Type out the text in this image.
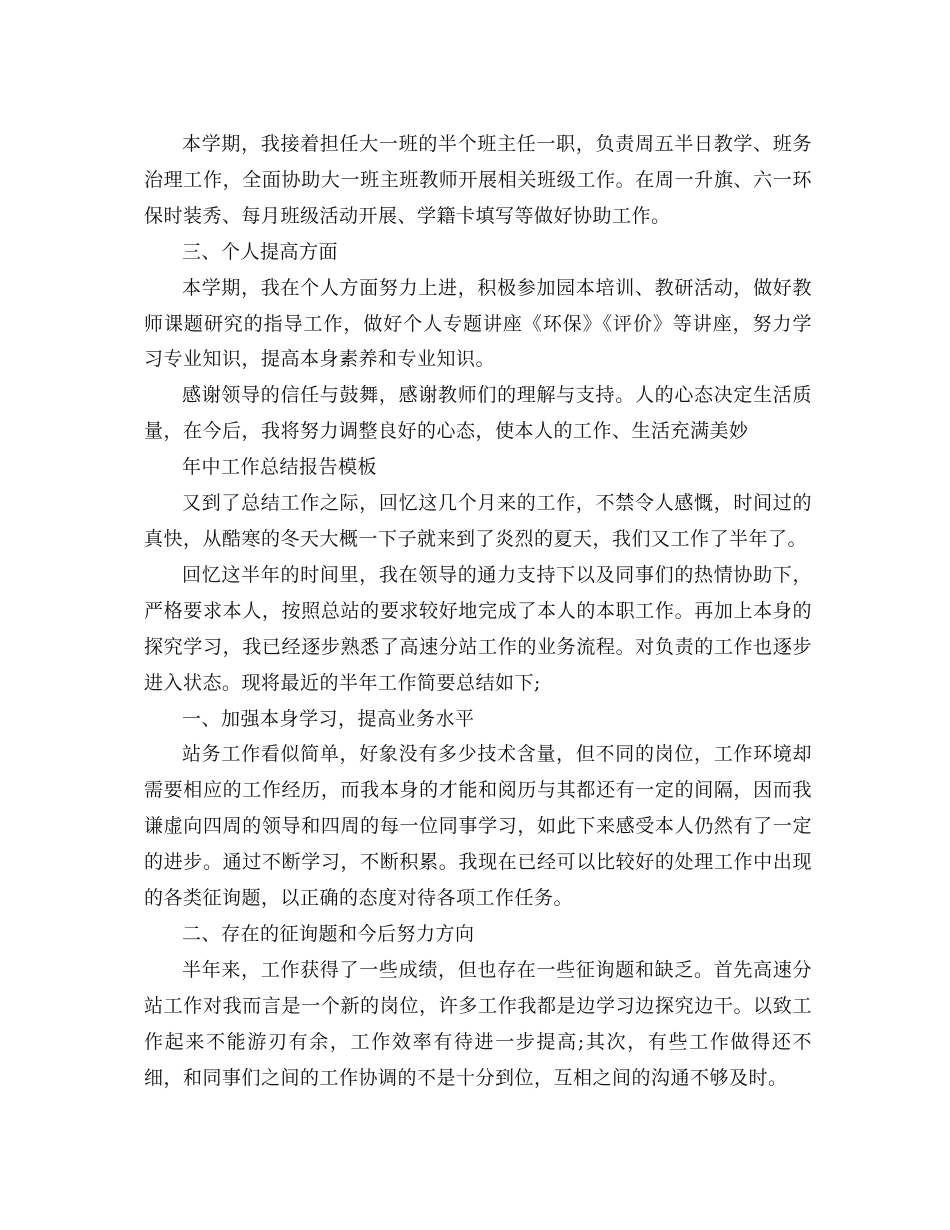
本学期，我接着担任大一班的半个班主任一职，负责周五半日教学、班务治理工作，全面协助大一班主班教师开展相关班级工作。在周一升旗、六一环保时装秀、每月班级活动开展、学籍卡填写等做好协助工作。

三、个人提高方面

本学期，我在个人方面努力上进，积极参加园本培训、教研活动，做好教师课题研究的指导工作，做好个人专题讲座《环保》《评价》等讲座，努力学习专业知识，提高本身素养和专业知识。

感谢领导的信任与鼓舞，感谢教师们的理解与支持。人的心态决定生活质量，在今后，我将努力调整良好的心态，使本人的工作、生活充满美妙

年中工作总结报告模板

又到了总结工作之际，回忆这几个月来的工作，不禁令人感慨，时间过的真快，从酷寒的冬天大概一下子就来到了炎烈的夏天，我们又工作了半年了。

回忆这半年的时间里，我在领导的通力支持下以及同事们的热情协助下，严格要求本人，按照总站的要求较好地完成了本人的本职工作。再加上本身的探究学习，我已经逐步熟悉了高速分站工作的业务流程。对负责的工作也逐步进入状态。现将最近的半年工作简要总结如下;

一、加强本身学习，提高业务水平

站务工作看似简单，好象没有多少技术含量，但不同的岗位，工作环境却需要相应的工作经历，而我本身的才能和阅历与其都还有一定的间隔，因而我谦虚向四周的领导和四周的每一位同事学习，如此下来感受本人仍然有了一定的进步。通过不断学习，不断积累。我现在已经可以比较好的处理工作中出现的各类征询题，以正确的态度对待各项工作任务。

二、存在的征询题和今后努力方向

半年来，工作获得了一些成绩，但也存在一些征询题和缺乏。首先高速分站工作对我而言是一个新的岗位，许多工作我都是边学习边探究边干。以致工作起来不能游刃有余，工作效率有待进一步提高;其次，有些工作做得还不细，和同事们之间的工作协调的不是十分到位，互相之间的沟通不够及时。
